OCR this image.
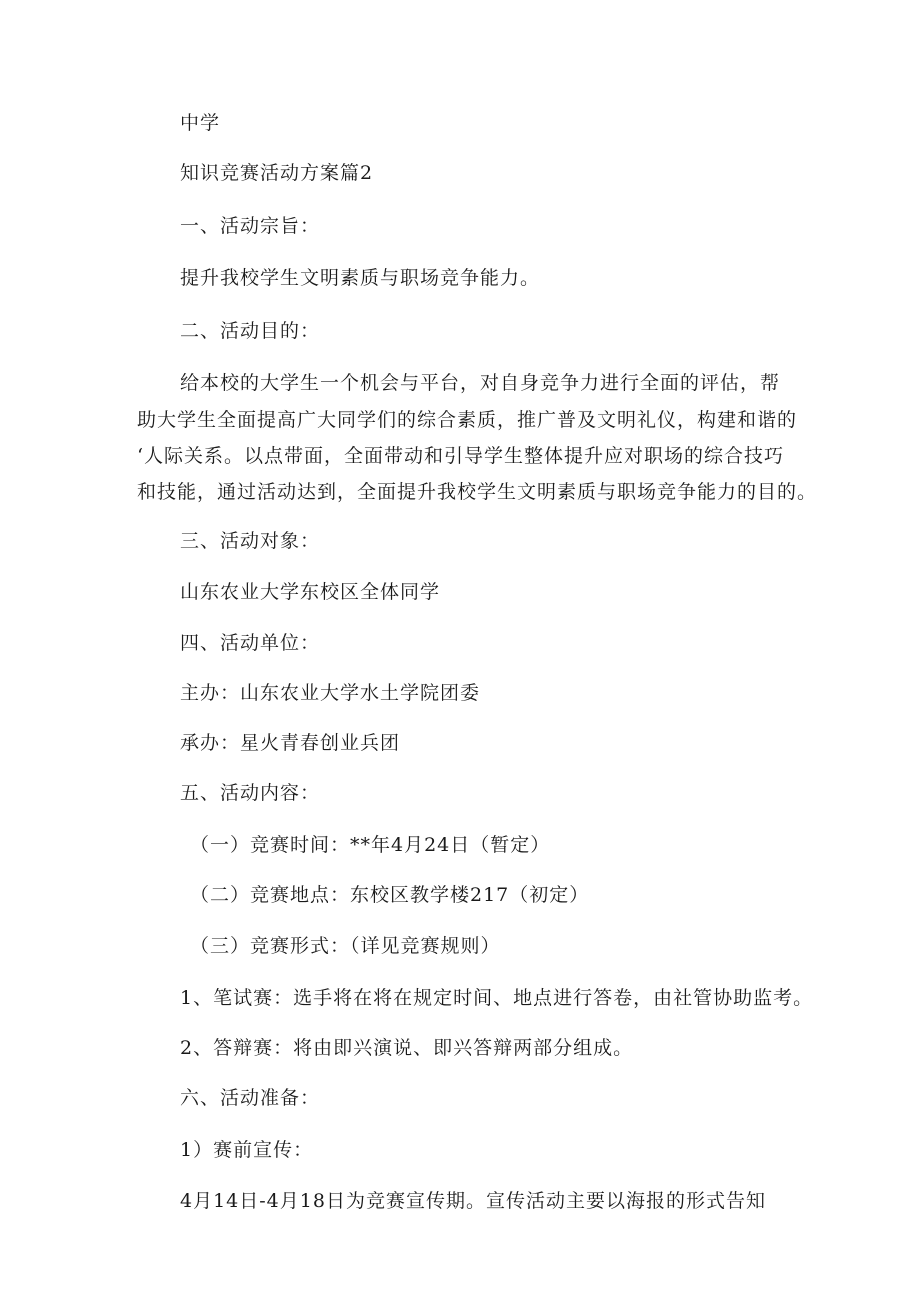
中学
知识竞赛活动方案篇2
一、活动宗旨：
提升我校学生文明素质与职场竞争能力。
二、活动目的：
给本校的大学生一个机会与平台，对自身竞争力进行全面的评估，帮
助大学生全面提高广大同学们的综合素质，推广普及文明礼仪，构建和谐的
‘人际关系。以点带面，全面带动和引导学生整体提升应对职场的综合技巧
和技能，通过活动达到，全面提升我校学生文明素质与职场竞争能力的目的。
三、活动对象：
山东农业大学东校区全体同学
四、活动单位：
主办：山东农业大学水土学院团委
承办：星火青春创业兵团
五、活动内容：
（一）竞赛时间：**年4月24日（暂定）
（二）竞赛地点：东校区教学楼217（初定）
（三）竞赛形式：（详见竞赛规则）
1、笔试赛：选手将在将在规定时间、地点进行答卷，由社管协助监考。
2、答辩赛：将由即兴演说、即兴答辩两部分组成。
六、活动准备：
1）赛前宣传：
4月14日-4月18日为竞赛宣传期。宣传活动主要以海报的形式告知
